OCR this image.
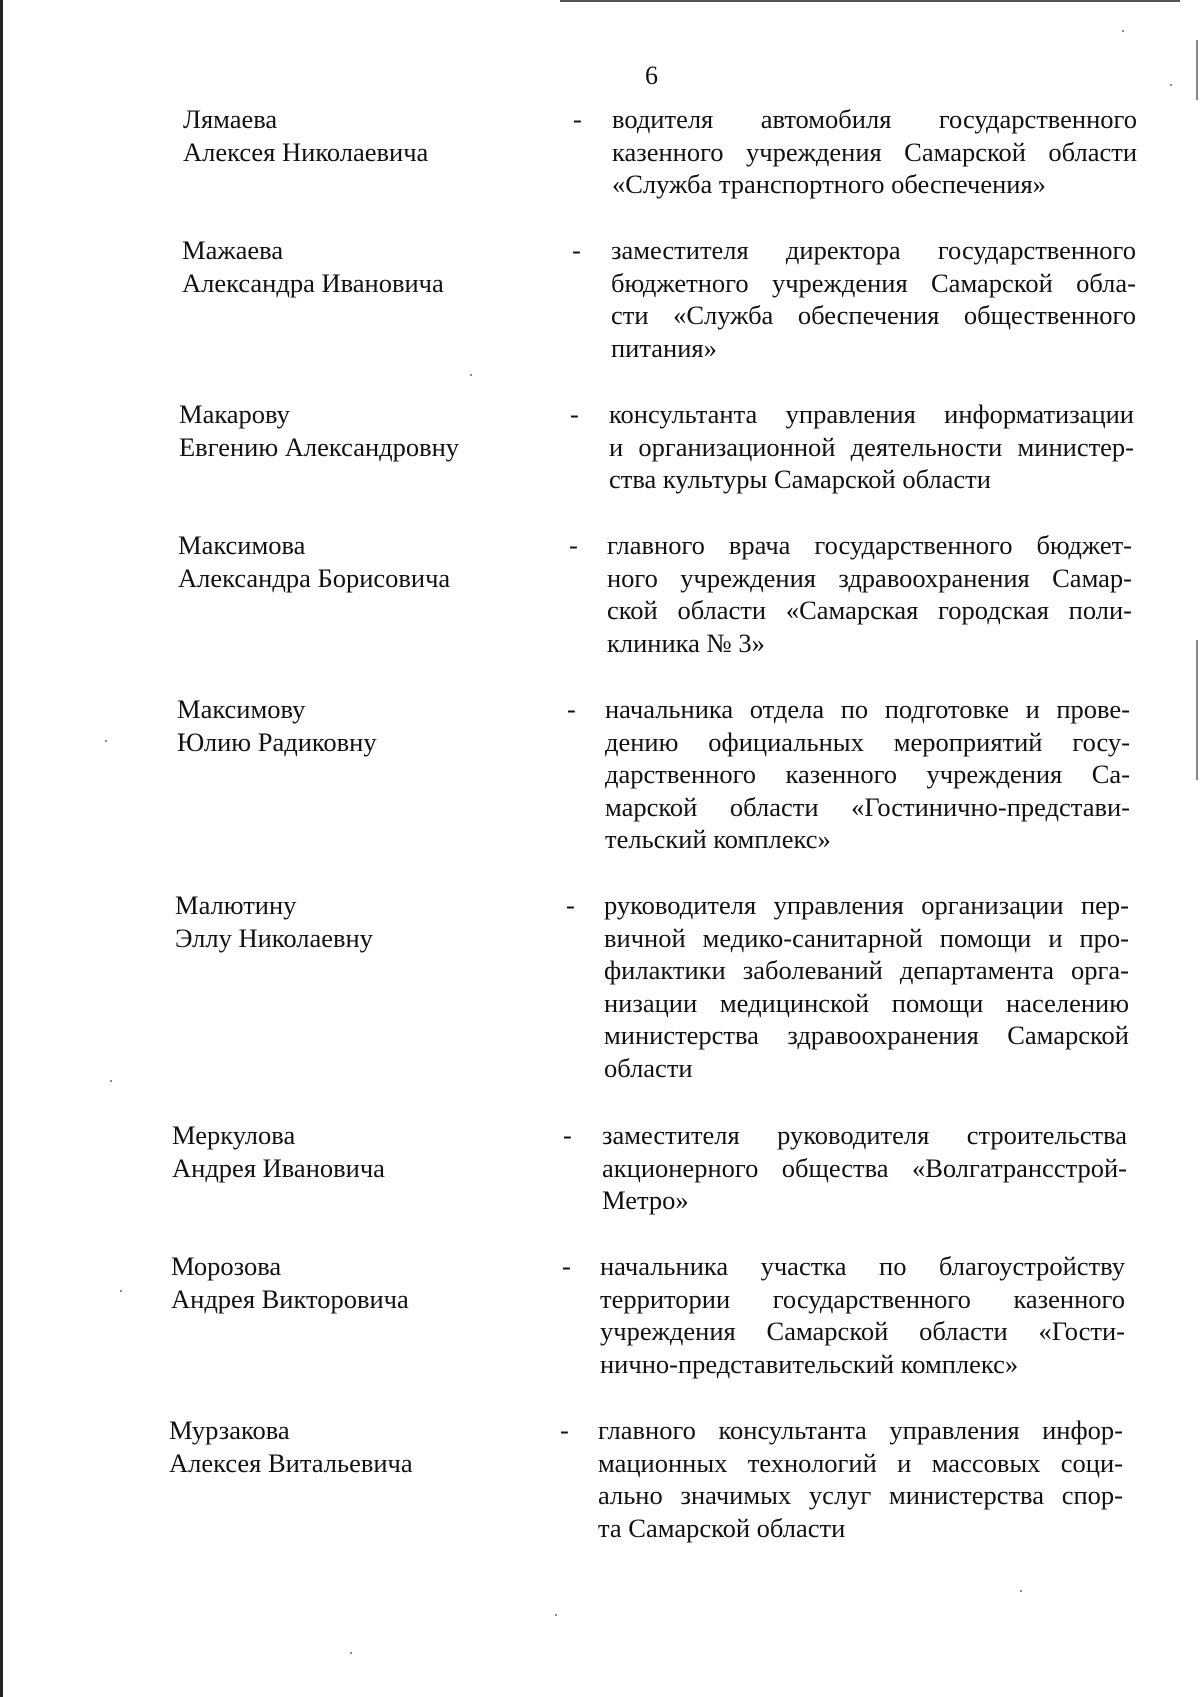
6
Лямаева
Алексея Николаевича
- водителя автомобиля государственного
казенного учреждения Самарской области
«Служба транспортного обеспечения»
Мажаева
Александра Ивановича
- заместителя директора государственного
бюджетного учреждения Самарской обла-
сти «Служба обеспечения общественного
питания»
Макарову
Евгению Александровну
- консультанта управления информатизации
и организационной деятельности министер-
ства культуры Самарской области
Максимова
Александра Борисовича
- главного врача государственного бюджет-
ного учреждения здравоохранения Самар-
ской области «Самарская городская поли-
клиника № 3»
Максимову
Юлию Радиковну
- начальника отдела по подготовке и прове-
дению официальных мероприятий госу-
дарственного казенного учреждения Са-
марской области «Гостинично-представи-
тельский комплекс»
Малютину
Эллу Николаевну
- руководителя управления организации пер-
вичной медико-санитарной помощи и про-
филактики заболеваний департамента орга-
низации медицинской помощи населению
министерства здравоохранения Самарской
области
Меркулова
Андрея Ивановича
- заместителя руководителя строительства
акционерного общества «Волгатрансстрой-
Метро»
Морозова
Андрея Викторовича
- начальника участка по благоустройству
территории государственного казенного
учреждения Самарской области «Гости-
нично-представительский комплекс»
Мурзакова
Алексея Витальевича
- главного консультанта управления инфор-
мационных технологий и массовых соци-
ально значимых услуг министерства спор-
та Самарской области
